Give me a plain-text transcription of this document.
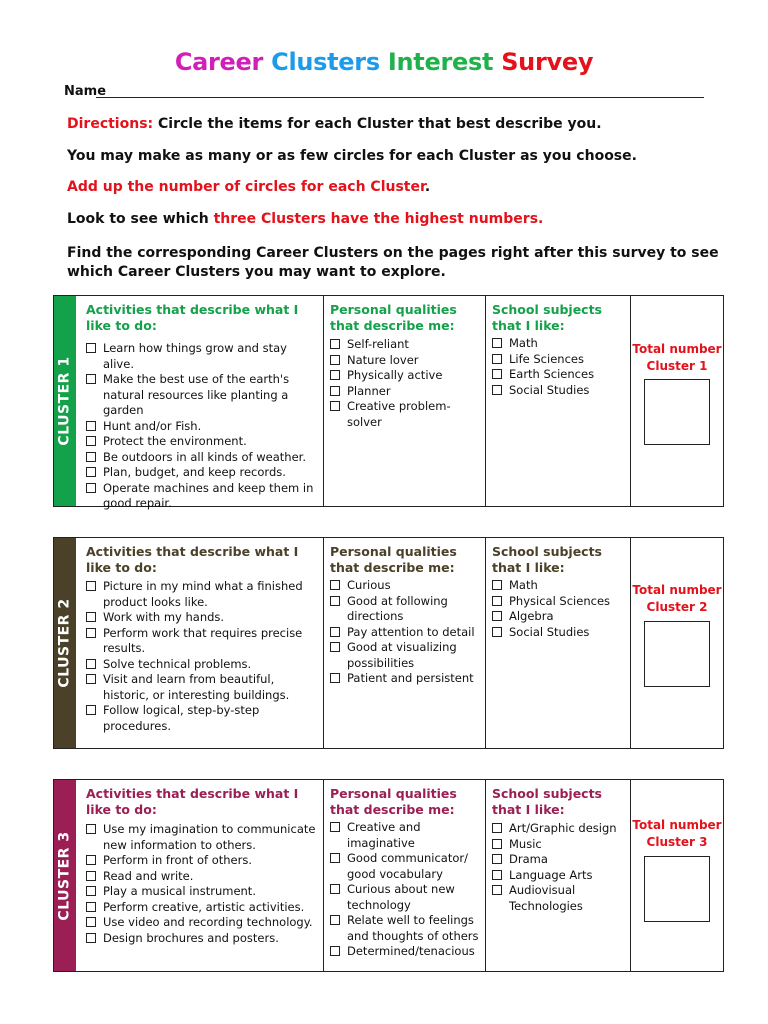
Career Clusters Interest Survey
Name
Directions: Circle the items for each Cluster that best describe you.
You may make as many or as few circles for each Cluster as you choose.
Add up the number of circles for each Cluster.
Look to see which three Clusters have the highest numbers.
Find the corresponding Career Clusters on the pages right after this survey to see which Career Clusters you may want to explore.
CLUSTER 1
Activities that describe what I like to do:
Learn how things grow and stay alive.
Make the best use of the earth's natural resources like planting a garden
Hunt and/or Fish.
Protect the environment.
Be outdoors in all kinds of weather.
Plan, budget, and keep records.
Operate machines and keep them in good repair.
Personal qualities that describe me:
Self-reliant
Nature lover
Physically active
Planner
Creative problem-solver
School subjects that I like:
Math
Life Sciences
Earth Sciences
Social Studies
Total number
Cluster 1
CLUSTER 2
Activities that describe what I like to do:
Picture in my mind what a finished product looks like.
Work with my hands.
Perform work that requires precise results.
Solve technical problems.
Visit and learn from beautiful, historic, or interesting buildings.
Follow logical, step-by-step procedures.
Personal qualities that describe me:
Curious
Good at following directions
Pay attention to detail
Good at visualizing possibilities
Patient and persistent
School subjects that I like:
Math
Physical Sciences
Algebra
Social Studies
Total number
Cluster 2
CLUSTER 3
Activities that describe what I like to do:
Use my imagination to communicate new information to others.
Perform in front of others.
Read and write.
Play a musical instrument.
Perform creative, artistic activities.
Use video and recording technology.
Design brochures and posters.
Personal qualities that describe me:
Creative and imaginative
Good communicator/ good vocabulary
Curious about new technology
Relate well to feelings and thoughts of others
Determined/tenacious
School subjects that I like:
Art/Graphic design
Music
Drama
Language Arts
Audiovisual Technologies
Total number
Cluster 3
